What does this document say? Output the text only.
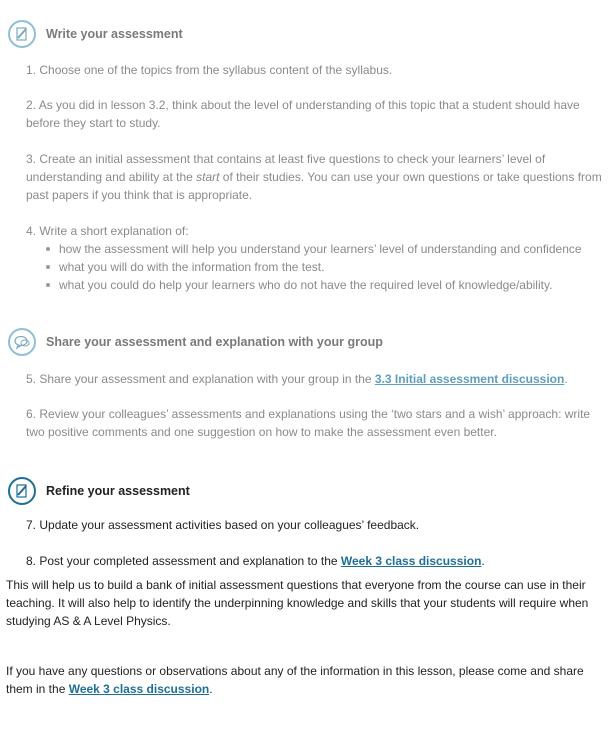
Write your assessment
1. Choose one of the topics from the syllabus content of the syllabus.
2. As you did in lesson 3.2, think about the level of understanding of this topic that a student should have before they start to study.
3. Create an initial assessment that contains at least five questions to check your learners’ level of understanding and ability at the start of their studies. You can use your own questions or take questions from past papers if you think that is appropriate.
4. Write a short explanation of:
how the assessment will help you understand your learners’ level of understanding and confidence
what you will do with the information from the test.
what you could do help your learners who do not have the required level of knowledge/ability.
Share your assessment and explanation with your group
5. Share your assessment and explanation with your group in the 3.3 Initial assessment discussion.
6. Review your colleagues’ assessments and explanations using the ‘two stars and a wish’ approach: write two positive comments and one suggestion on how to make the assessment even better.
Refine your assessment
7. Update your assessment activities based on your colleagues’ feedback.
8. Post your completed assessment and explanation to the Week 3 class discussion.
This will help us to build a bank of initial assessment questions that everyone from the course can use in their teaching. It will also help to identify the underpinning knowledge and skills that your students will require when studying AS & A Level Physics.
If you have any questions or observations about any of the information in this lesson, please come and share them in the Week 3 class discussion.
